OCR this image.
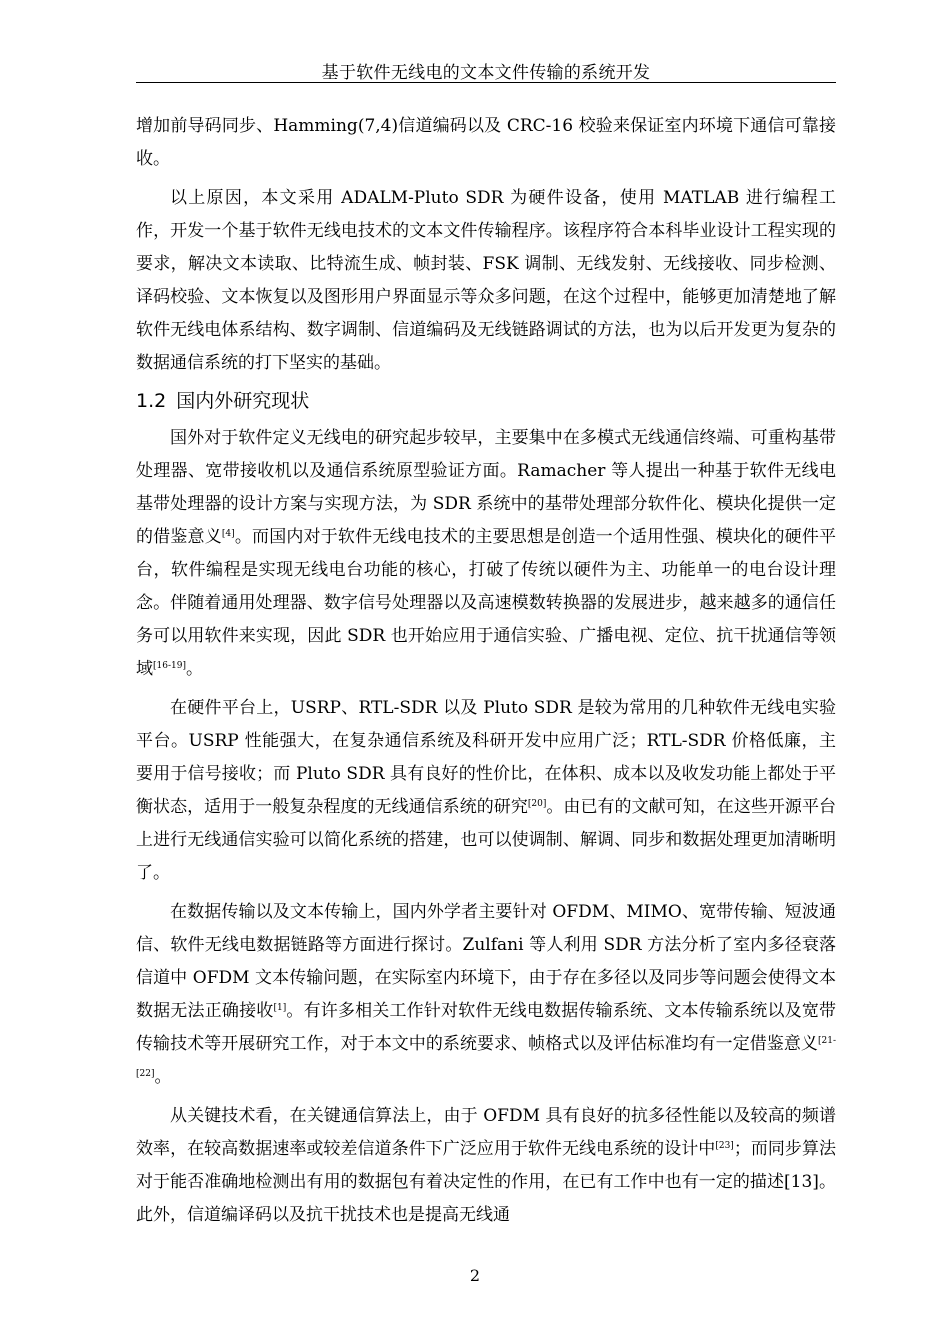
基于软件无线电的文本文件传输的系统开发

增加前导码同步、Hamming(7,4)信道编码以及 CRC-16 校验来保证室内环境下通信可靠接收。

以上原因，本文采用 ADALM-Pluto SDR 为硬件设备，使用 MATLAB 进行编程工作，开发一个基于软件无线电技术的文本文件传输程序。该程序符合本科毕业设计工程实现的要求，解决文本读取、比特流生成、帧封装、FSK 调制、无线发射、无线接收、同步检测、译码校验、文本恢复以及图形用户界面显示等众多问题，在这个过程中，能够更加清楚地了解软件无线电体系结构、数字调制、信道编码及无线链路调试的方法，也为以后开发更为复杂的数据通信系统的打下坚实的基础。

1.2 国内外研究现状

国外对于软件定义无线电的研究起步较早，主要集中在多模式无线通信终端、可重构基带处理器、宽带接收机以及通信系统原型验证方面。Ramacher 等人提出一种基于软件无线电基带处理器的设计方案与实现方法，为 SDR 系统中的基带处理部分软件化、模块化提供一定的借鉴意义[4]。而国内对于软件无线电技术的主要思想是创造一个适用性强、模块化的硬件平台，软件编程是实现无线电台功能的核心，打破了传统以硬件为主、功能单一的电台设计理念。伴随着通用处理器、数字信号处理器以及高速模数转换器的发展进步，越来越多的通信任务可以用软件来实现，因此 SDR 也开始应用于通信实验、广播电视、定位、抗干扰通信等领域[16-19]。

在硬件平台上，USRP、RTL-SDR 以及 Pluto SDR 是较为常用的几种软件无线电实验平台。USRP 性能强大，在复杂通信系统及科研开发中应用广泛；RTL-SDR 价格低廉，主要用于信号接收；而 Pluto SDR 具有良好的性价比，在体积、成本以及收发功能上都处于平衡状态，适用于一般复杂程度的无线通信系统的研究[20]。由已有的文献可知，在这些开源平台上进行无线通信实验可以简化系统的搭建，也可以使调制、解调、同步和数据处理更加清晰明了。

在数据传输以及文本传输上，国内外学者主要针对 OFDM、MIMO、宽带传输、短波通信、软件无线电数据链路等方面进行探讨。Zulfani 等人利用 SDR 方法分析了室内多径衰落信道中 OFDM 文本传输问题，在实际室内环境下，由于存在多径以及同步等问题会使得文本数据无法正确接收[1]。有许多相关工作针对软件无线电数据传输系统、文本传输系统以及宽带传输技术等开展研究工作，对于本文中的系统要求、帧格式以及评估标准均有一定借鉴意义[21-[22]。

从关键技术看，在关键通信算法上，由于 OFDM 具有良好的抗多径性能以及较高的频谱效率，在较高数据速率或较差信道条件下广泛应用于软件无线电系统的设计中[23]；而同步算法对于能否准确地检测出有用的数据包有着决定性的作用，在已有工作中也有一定的描述[13]。此外，信道编译码以及抗干扰技术也是提高无线通

2
